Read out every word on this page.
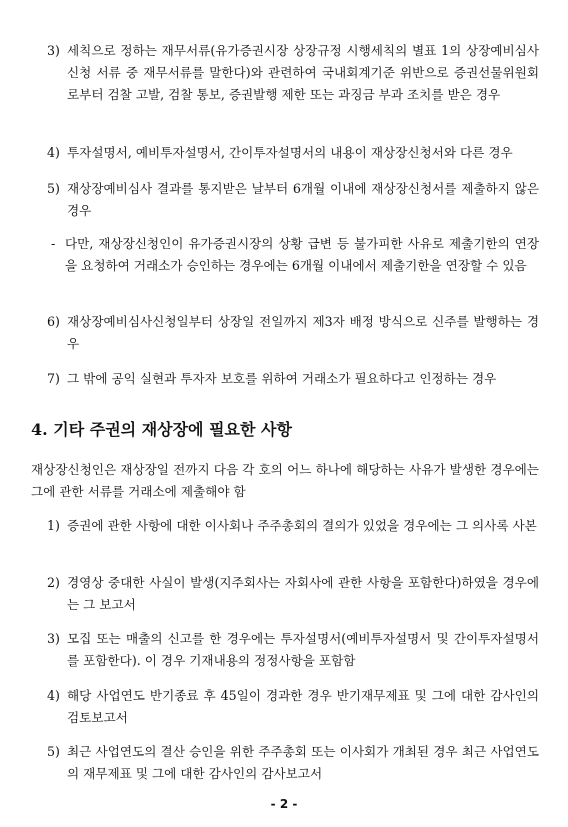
3) 세칙으로 정하는 재무서류(유가증권시장 상장규정 시행세칙의 별표 1의 상장예비심사 신청 서류 중 재무서류를 말한다)와 관련하여 국내회계기준 위반으로 증권선물위원회로부터 검찰 고발, 검찰 통보, 증권발행 제한 또는 과징금 부과 조치를 받은 경우
4) 투자설명서, 예비투자설명서, 간이투자설명서의 내용이 재상장신청서와 다른 경우
5) 재상장예비심사 결과를 통지받은 날부터 6개월 이내에 재상장신청서를 제출하지 않은 경우
- 다만, 재상장신청인이 유가증권시장의 상황 급변 등 불가피한 사유로 제출기한의 연장을 요청하여 거래소가 승인하는 경우에는 6개월 이내에서 제출기한을 연장할 수 있음
6) 재상장예비심사신청일부터 상장일 전일까지 제3자 배정 방식으로 신주를 발행하는 경우
7) 그 밖에 공익 실현과 투자자 보호를 위하여 거래소가 필요하다고 인정하는 경우
4. 기타 주권의 재상장에 필요한 사항
재상장신청인은 재상장일 전까지 다음 각 호의 어느 하나에 해당하는 사유가 발생한 경우에는 그에 관한 서류를 거래소에 제출해야 함
1) 증권에 관한 사항에 대한 이사회나 주주총회의 결의가 있었을 경우에는 그 의사록 사본
2) 경영상 중대한 사실이 발생(지주회사는 자회사에 관한 사항을 포함한다)하였을 경우에는 그 보고서
3) 모집 또는 매출의 신고를 한 경우에는 투자설명서(예비투자설명서 및 간이투자설명서를 포함한다). 이 경우 기재내용의 정정사항을 포함함
4) 해당 사업연도 반기종료 후 45일이 경과한 경우 반기재무제표 및 그에 대한 감사인의 검토보고서
5) 최근 사업연도의 결산 승인을 위한 주주총회 또는 이사회가 개최된 경우 최근 사업연도의 재무제표 및 그에 대한 감사인의 감사보고서
- 2 -
